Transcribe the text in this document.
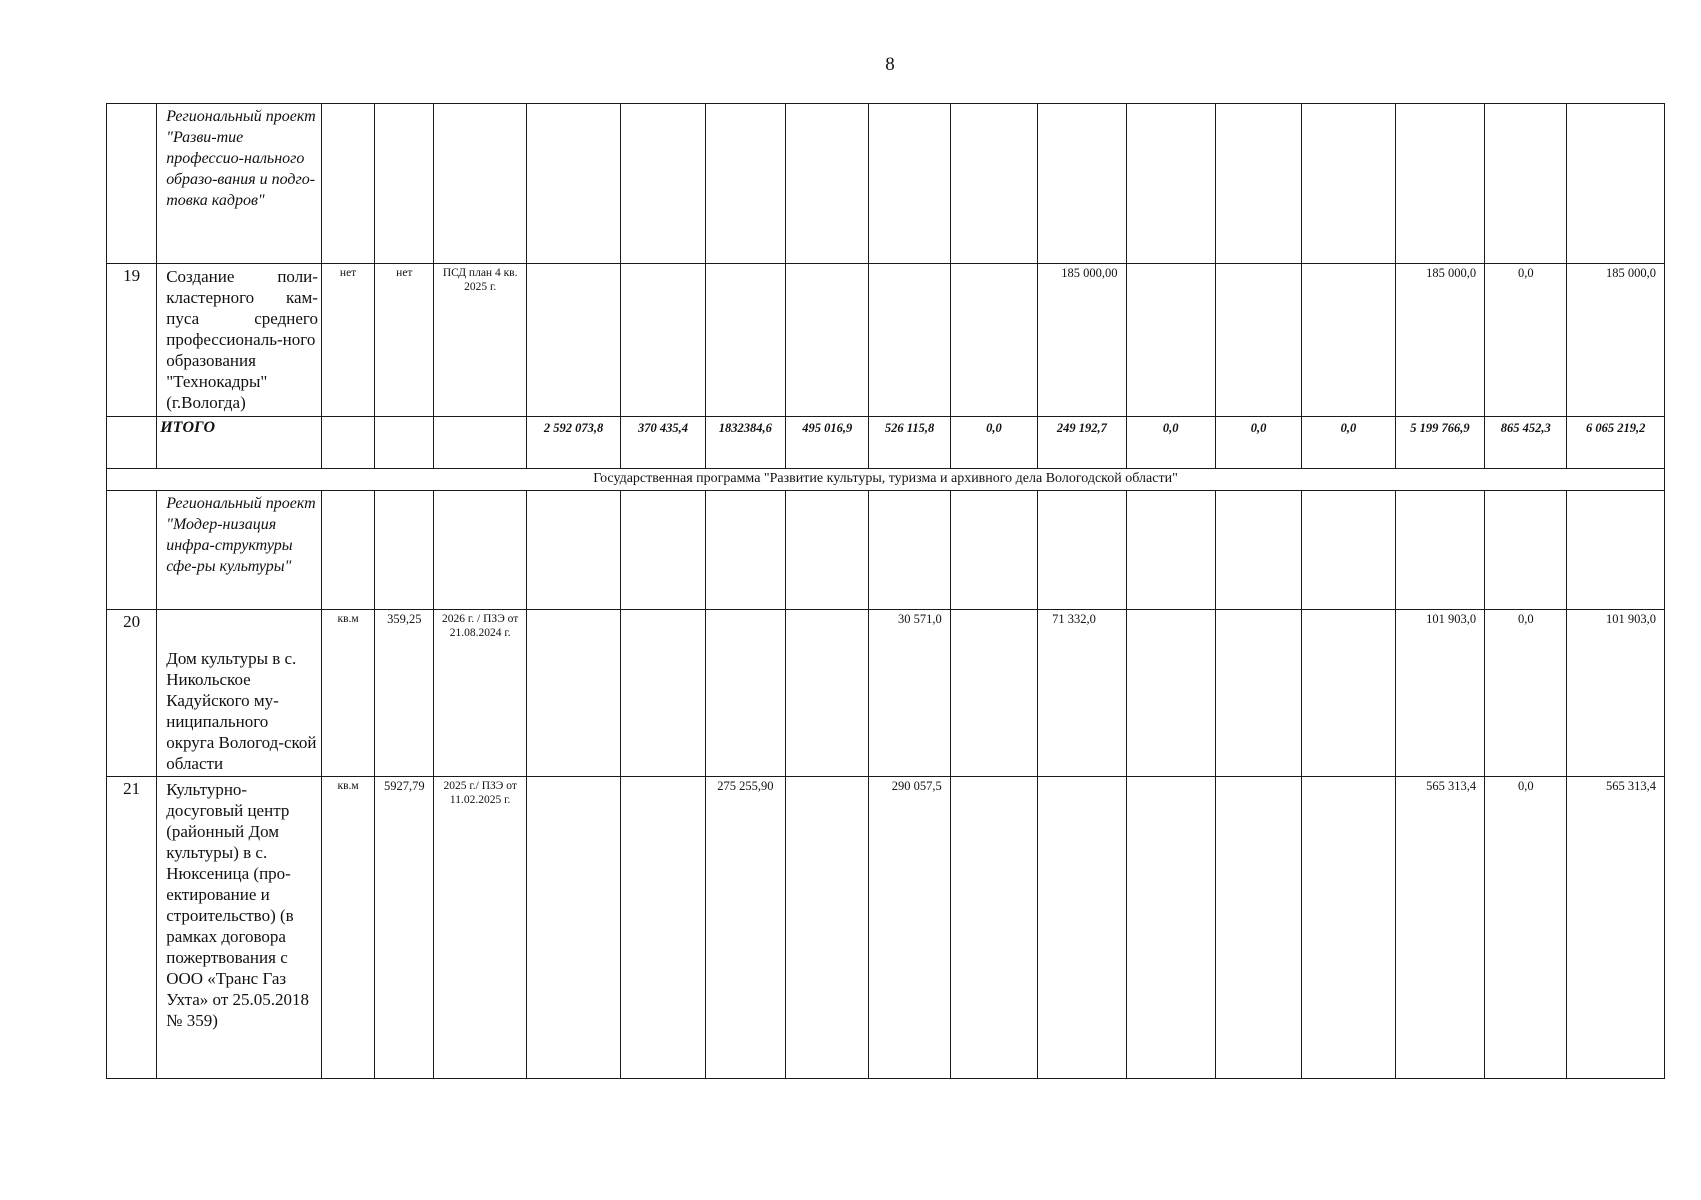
8
	Региональный проект "Разви-тие профессио-нального образо-вания и подго-товка кадров"																
19	Создание поли-кластерного кам-пуса среднего профессиональ-ного образования "Технокадры" (г.Вологда)	нет	нет	ПСД план 4 кв. 2025 г.							185 000,00				185 000,0	0,0	185 000,0
	ИТОГО				2 592 073,8	370 435,4	1832384,6	495 016,9	526 115,8	0,0	249 192,7	0,0	0,0	0,0	5 199 766,9	865 452,3	6 065 219,2
Государственная программа "Развитие культуры, туризма и архивного дела Вологодской области"																	
	Региональный проект "Модер-низация инфра-структуры сфе-ры культуры"																
20	Дом культуры в с. Никольское Кадуйского му-ниципального округа Вологод-ской области	кв.м	359,25	2026 г. / ПЗЭ от 21.08.2024 г.					30 571,0		71 332,0				101 903,0	0,0	101 903,0
21	Культурно-досуговый центр (районный Дом культуры) в с. Нюксеница (про-ектирование и строительство) (в рамках договора пожертвования с ООО «Транс Газ Ухта» от 25.05.2018 № 359)	кв.м	5927,79	2025 г./ ПЗЭ от 11.02.2025 г.			275 255,90		290 057,5						565 313,4	0,0	565 313,4
